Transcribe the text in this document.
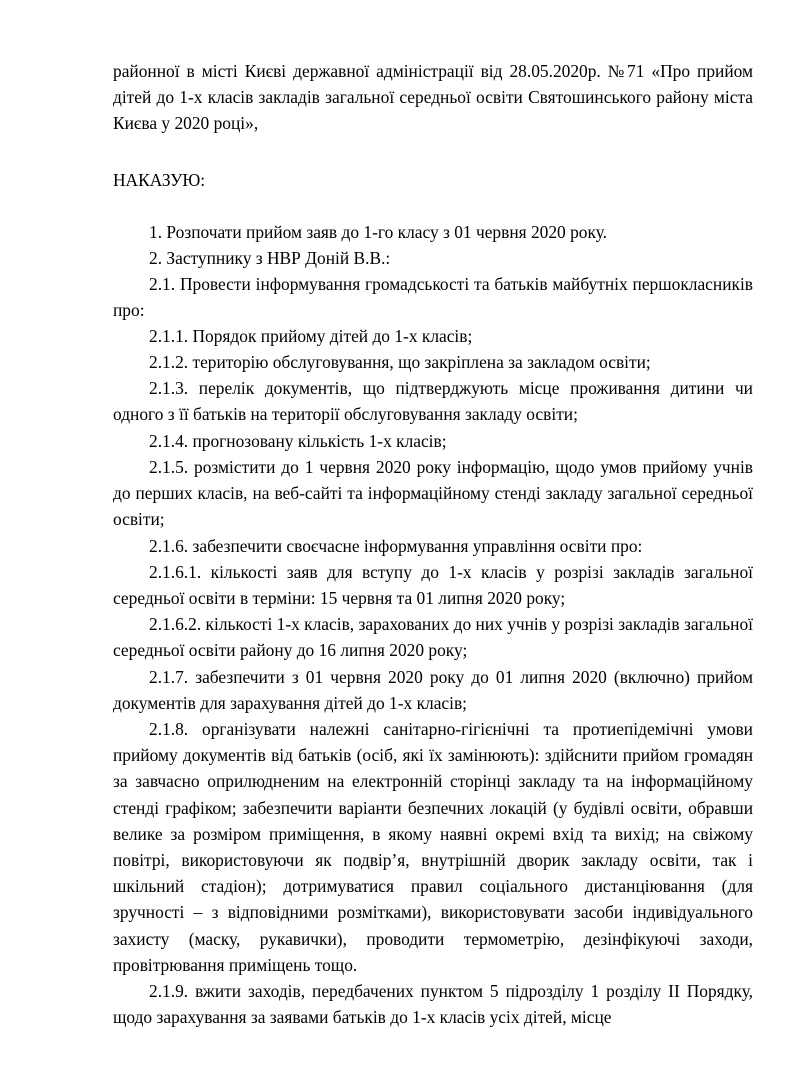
районної в місті Києві державної адміністрації від 28.05.2020р. №71 «Про прийом дітей до 1-х класів закладів загальної середньої освіти Святошинського району міста Києва у 2020 році»,

НАКАЗУЮ:

1. Розпочати прийом заяв до 1-го класу з 01 червня 2020 року.

2. Заступнику з НВР Доній В.В.:

2.1. Провести інформування громадськості та батьків майбутніх першокласників про:

2.1.1. Порядок прийому дітей до 1-х класів;

2.1.2. територію обслуговування, що закріплена за закладом освіти;

2.1.3. перелік документів, що підтверджують місце проживання дитини чи одного з її батьків на території обслуговування закладу освіти;

2.1.4. прогнозовану кількість 1-х класів;

2.1.5. розмістити до 1 червня 2020 року інформацію, щодо умов прийому учнів до перших класів, на веб-сайті та інформаційному стенді закладу загальної середньої освіти;

2.1.6. забезпечити своєчасне інформування управління освіти про:

2.1.6.1. кількості заяв для вступу до 1-х класів у розрізі закладів загальної середньої освіти в терміни: 15 червня та 01 липня 2020 року;

2.1.6.2. кількості 1-х класів, зарахованих до них учнів у розрізі закладів загальної середньої освіти району до 16 липня 2020 року;

2.1.7. забезпечити з 01 червня 2020 року до 01 липня 2020 (включно) прийом документів для зарахування дітей до 1-х класів;

2.1.8. організувати належні санітарно-гігієнічні та протиепідемічні умови прийому документів від батьків (осіб, які їх замінюють): здійснити прийом громадян за завчасно оприлюдненим на електронній сторінці закладу та на інформаційному стенді графіком; забезпечити варіанти безпечних локацій (у будівлі освіти, обравши велике за розміром приміщення, в якому наявні окремі вхід та вихід; на свіжому повітрі, використовуючи як подвір’я, внутрішній дворик закладу освіти, так і шкільний стадіон); дотримуватися правил соціального дистанціювання (для зручності – з відповідними розмітками), використовувати засоби індивідуального захисту (маску, рукавички), проводити термометрію, дезінфікуючі заходи, провітрювання приміщень тощо.

2.1.9. вжити заходів, передбачених пунктом 5 підрозділу 1 розділу ІІ Порядку, щодо зарахування за заявами батьків до 1-х класів усіх дітей, місце
